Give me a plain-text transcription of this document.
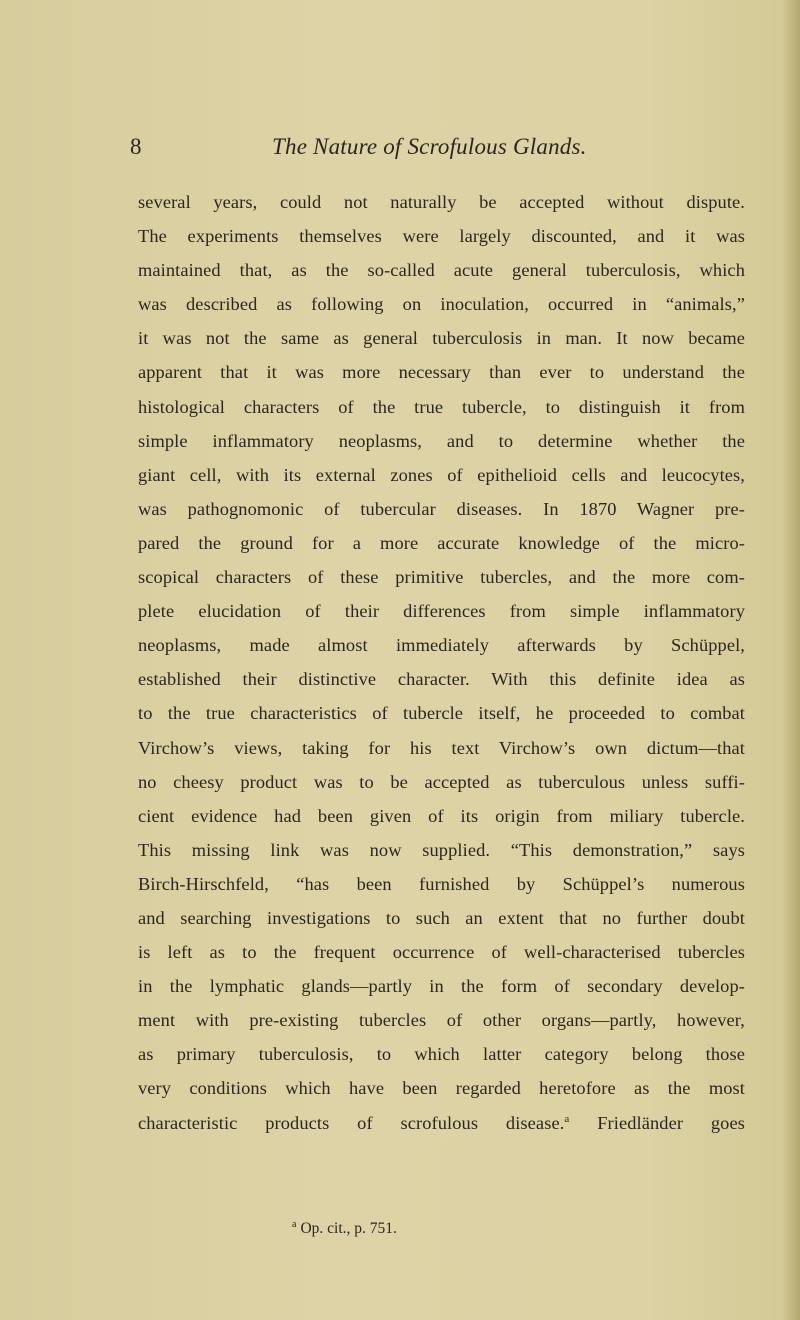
8	The Nature of Scrofulous Glands.
several years, could not naturally be accepted without dispute.
The experiments themselves were largely discounted, and it was
maintained that, as the so-called acute general tuberculosis, which
was described as following on inoculation, occurred in “animals,”
it was not the same as general tuberculosis in man. It now became
apparent that it was more necessary than ever to understand the
histological characters of the true tubercle, to distinguish it from
simple inflammatory neoplasms, and to determine whether the
giant cell, with its external zones of epithelioid cells and leucocytes,
was pathognomonic of tubercular diseases. In 1870 Wagner pre-
pared the ground for a more accurate knowledge of the micro-
scopical characters of these primitive tubercles, and the more com-
plete elucidation of their differences from simple inflammatory
neoplasms, made almost immediately afterwards by Schüppel,
established their distinctive character. With this definite idea as
to the true characteristics of tubercle itself, he proceeded to combat
Virchow’s views, taking for his text Virchow’s own dictum—that
no cheesy product was to be accepted as tuberculous unless suffi-
cient evidence had been given of its origin from miliary tubercle.
This missing link was now supplied. “This demonstration,” says
Birch-Hirschfeld, “has been furnished by Schüppel’s numerous
and searching investigations to such an extent that no further doubt
is left as to the frequent occurrence of well-characterised tubercles
in the lymphatic glands—partly in the form of secondary develop-
ment with pre-existing tubercles of other organs—partly, however,
as primary tuberculosis, to which latter category belong those
very conditions which have been regarded heretofore as the most
characteristic products of scrofulous disease.$^a$ Friedländer goes
$^a$ Op. cit., p. 751.
